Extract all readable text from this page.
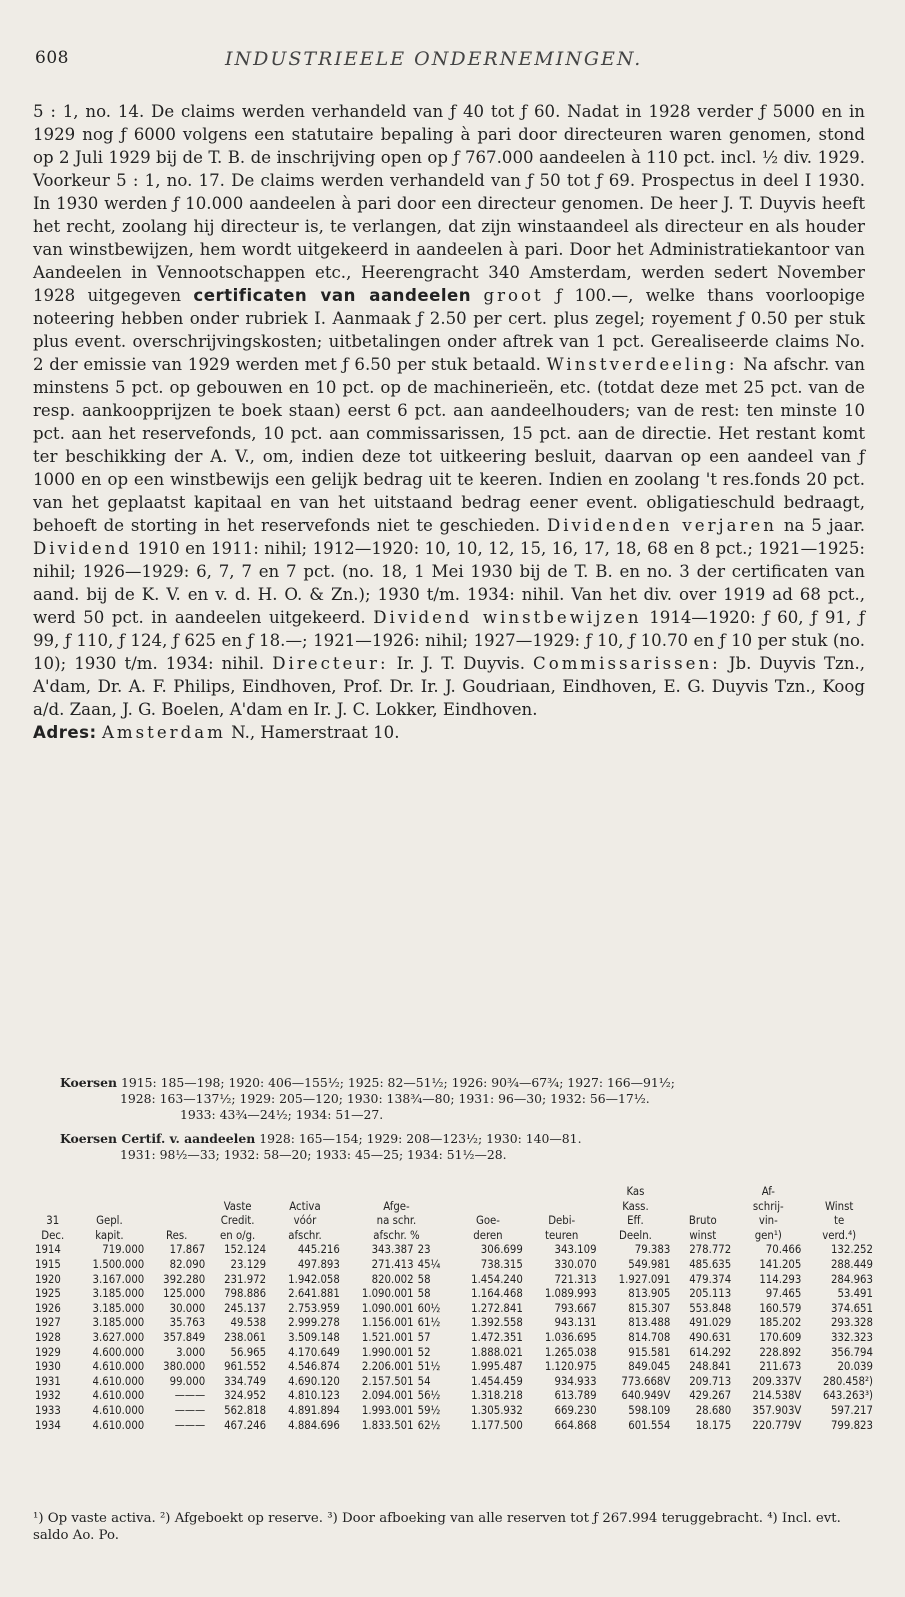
608	INDUSTRIEELE ONDERNEMINGEN.

5 : 1, no. 14. De claims werden verhandeld van ƒ 40 tot ƒ 60. Nadat in 1928 verder ƒ 5000 en in 1929 nog ƒ 6000 volgens een statutaire bepaling à pari door directeuren waren genomen, stond op 2 Juli 1929 bij de T. B. de inschrijving open op ƒ 767.000 aandeelen à 110 pct. incl. ½ div. 1929. Voorkeur 5 : 1, no. 17. De claims werden verhandeld van ƒ 50 tot ƒ 69. Prospectus in deel I 1930. In 1930 werden ƒ 10.000 aandeelen à pari door een directeur genomen. De heer J. T. Duyvis heeft het recht, zoolang hij directeur is, te verlangen, dat zijn winstaandeel als directeur en als houder van winstbewijzen, hem wordt uitgekeerd in aandeelen à pari. Door het Administratiekantoor van Aandeelen in Vennootschappen etc., Heerengracht 340 Amsterdam, werden sedert November 1928 uitgegeven certificaten van aandeelen groot ƒ 100.—, welke thans voorloopige noteering hebben onder rubriek I. Aanmaak ƒ 2.50 per cert. plus zegel; royement ƒ 0.50 per stuk plus event. overschrijvingskosten; uitbetalingen onder aftrek van 1 pct. Gerealiseerde claims No. 2 der emissie van 1929 werden met ƒ 6.50 per stuk betaald. Winstverdeeling: Na afschr. van minstens 5 pct. op gebouwen en 10 pct. op de machinerieën, etc. (totdat deze met 25 pct. van de resp. aankoopprijzen te boek staan) eerst 6 pct. aan aandeelhouders; van de rest: ten minste 10 pct. aan het reservefonds, 10 pct. aan commissarissen, 15 pct. aan de directie. Het restant komt ter beschikking der A. V., om, indien deze tot uitkeering besluit, daarvan op een aandeel van ƒ 1000 en op een winstbewijs een gelijk bedrag uit te keeren. Indien en zoolang 't res.fonds 20 pct. van het geplaatst kapitaal en van het uitstaand bedrag eener event. obligatieschuld bedraagt, behoeft de storting in het reservefonds niet te geschieden. Dividenden verjaren na 5 jaar. Dividend 1910 en 1911: nihil; 1912—1920: 10, 10, 12, 15, 16, 17, 18, 68 en 8 pct.; 1921—1925: nihil; 1926—1929: 6, 7, 7 en 7 pct. (no. 18, 1 Mei 1930 bij de T. B. en no. 3 der certificaten van aand. bij de K. V. en v. d. H. O. & Zn.); 1930 t/m. 1934: nihil. Van het div. over 1919 ad 68 pct., werd 50 pct. in aandeelen uitgekeerd. Dividend winstbewijzen 1914—1920: ƒ 60, ƒ 91, ƒ 99, ƒ 110, ƒ 124, ƒ 625 en ƒ 18.—; 1921—1926: nihil; 1927—1929: ƒ 10, ƒ 10.70 en ƒ 10 per stuk (no. 10); 1930 t/m. 1934: nihil. Directeur: Ir. J. T. Duyvis. Commissarissen: Jb. Duyvis Tzn., A'dam, Dr. A. F. Philips, Eindhoven, Prof. Dr. Ir. J. Goudriaan, Eindhoven, E. G. Duyvis Tzn., Koog a/d. Zaan, J. G. Boelen, A'dam en Ir. J. C. Lokker, Eindhoven.

Adres: Amsterdam N., Hamerstraat 10.

Koersen 1915: 185—198; 1920: 406—155½; 1925: 82—51½; 1926: 90¾—67¾; 1927: 166—91½;
1928: 163—137½; 1929: 205—120; 1930: 138¾—80; 1931: 96—30; 1932: 56—17½.
1933: 43¾—24½; 1934: 51—27.
Koersen Certif. v. aandeelen 1928: 165—154; 1929: 208—123½; 1930: 140—81.
1931: 98½—33; 1932: 58—20; 1933: 45—25; 1934: 51½—28.
									Kas		Af-	
			Vaste	Activa	Afge-				Kass.		schrij-	Winst
31	Gepl.		Credit.	vóór	na schr.		Goe-	Debi-	Eff.	Bruto	vin-	te
Dec.	kapit.	Res.	en o/g.	afschr.	afschr. %		deren	teuren	Deeln.	winst	gen¹)	verd.⁴)
1914	719.000	17.867	152.124	445.216	343.387	23	306.699	343.109	79.383	278.772	70.466	132.252
1915	1.500.000	82.090	23.129	497.893	271.413	45¼	738.315	330.070	549.981	485.635	141.205	288.449
1920	3.167.000	392.280	231.972	1.942.058	820.002	58	1.454.240	721.313	1.927.091	479.374	114.293	284.963
1925	3.185.000	125.000	798.886	2.641.881	1.090.001	58	1.164.468	1.089.993	813.905	205.113	97.465	53.491
1926	3.185.000	30.000	245.137	2.753.959	1.090.001	60½	1.272.841	793.667	815.307	553.848	160.579	374.651
1927	3.185.000	35.763	49.538	2.999.278	1.156.001	61½	1.392.558	943.131	813.488	491.029	185.202	293.328
1928	3.627.000	357.849	238.061	3.509.148	1.521.001	57	1.472.351	1.036.695	814.708	490.631	170.609	332.323
1929	4.600.000	3.000	56.965	4.170.649	1.990.001	52	1.888.021	1.265.038	915.581	614.292	228.892	356.794
1930	4.610.000	380.000	961.552	4.546.874	2.206.001	51½	1.995.487	1.120.975	849.045	248.841	211.673	20.039
1931	4.610.000	99.000	334.749	4.690.120	2.157.501	54	1.454.459	934.933	773.668V	209.713	209.337V	280.458²)
1932	4.610.000	———	324.952	4.810.123	2.094.001	56½	1.318.218	613.789	640.949V	429.267	214.538V	643.263³)
1933	4.610.000	———	562.818	4.891.894	1.993.001	59½	1.305.932	669.230	598.109	28.680	357.903V	597.217
1934	4.610.000	———	467.246	4.884.696	1.833.501	62½	1.177.500	664.868	601.554	18.175	220.779V	799.823
¹) Op vaste activa. ²) Afgeboekt op reserve. ³) Door afboeking van alle reserven tot ƒ 267.994 teruggebracht. ⁴) Incl. evt. saldo Ao. Po.
